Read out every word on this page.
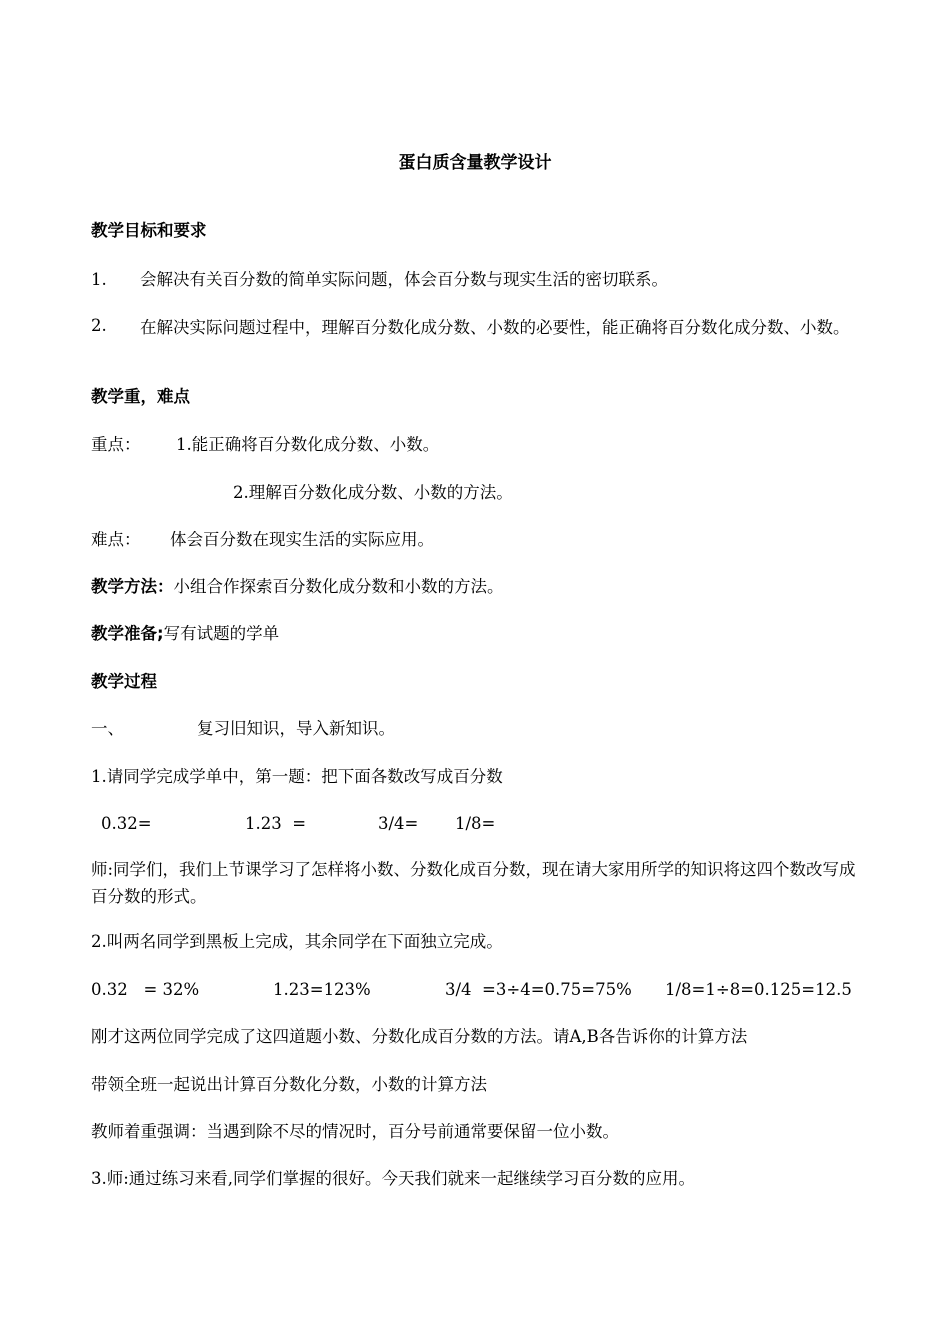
蛋白质含量教学设计
教学目标和要求
1. 会解决有关百分数的简单实际问题，体会百分数与现实生活的密切联系。
2.	在解决实际问题过程中，理解百分数化成分数、小数的必要性，能正确将百分数化成分数、小数。
教学重，难点
重点： 1.能正确将百分数化成分数、小数。
2.理解百分数化成分数、小数的方法。
难点： 体会百分数在现实生活的实际应用。
教学方法：小组合作探索百分数化成分数和小数的方法。
教学准备;写有试题的学单
教学过程
一、	复习旧知识，导入新知识。
1.请同学完成学单中，第一题：把下面各数改写成百分数
0.32=	1.23  =	3/4= 1/8=
师:同学们，我们上节课学习了怎样将小数、分数化成百分数，现在请大家用所学的知识将这四个数改写成百分数的形式。
2.叫两名同学到黑板上完成，其余同学在下面独立完成。
0.32   = 32%	1.23=123%	3/4  =3÷4=0.75=75% 1/8=1÷8=0.125=12.5
刚才这两位同学完成了这四道题小数、分数化成百分数的方法。请A,B各告诉你的计算方法
带领全班一起说出计算百分数化分数，小数的计算方法
教师着重强调：当遇到除不尽的情况时，百分号前通常要保留一位小数。
3.师:通过练习来看,同学们掌握的很好。今天我们就来一起继续学习百分数的应用。
